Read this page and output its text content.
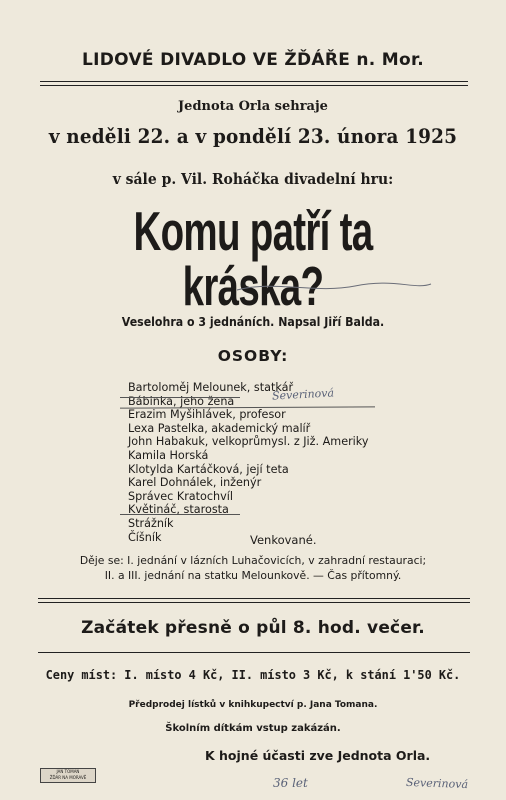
LIDOVÉ DIVADLO VE ŽĎÁŘE n. Mor.
Jednota Orla sehraje
v neděli 22. a v pondělí 23. února 1925
v sále p. Vil. Roháčka divadelní hru:
Komu patří ta kráska?
Veselohra o 3 jednáních. Napsal Jiří Balda.
OSOBY:
Bartoloměj Melounek, statkář
Bábinka, jeho žena
Erazim Myšihlávek, profesor
Lexa Pastelka, akademický malíř
John Habakuk, velkoprůmysl. z Již. Ameriky
Kamila Horská
Klotylda Kartáčková, její teta
Karel Dohnálek, inženýr
Správec Kratochvíl
Květináč, starosta
Strážník
Číšník
Severinová
Venkované.
Děje se: I. jednání v lázních Luhačovicích, v zahradní restauraci;
II. a III. jednání na statku Melounkově. — Čas přítomný.
Začátek přesně o půl 8. hod. večer.
Ceny míst: I. místo 4 Kč, II. místo 3 Kč, k stání 1'50 Kč.
Předprodej lístků v knihkupectví p. Jana Tomana.
Školním dítkám vstup zakázán.
K hojné účasti zve Jednota Orla.
JAN TOMAN
ŽĎÁR NA MORAVĚ	36 let	Severinová
